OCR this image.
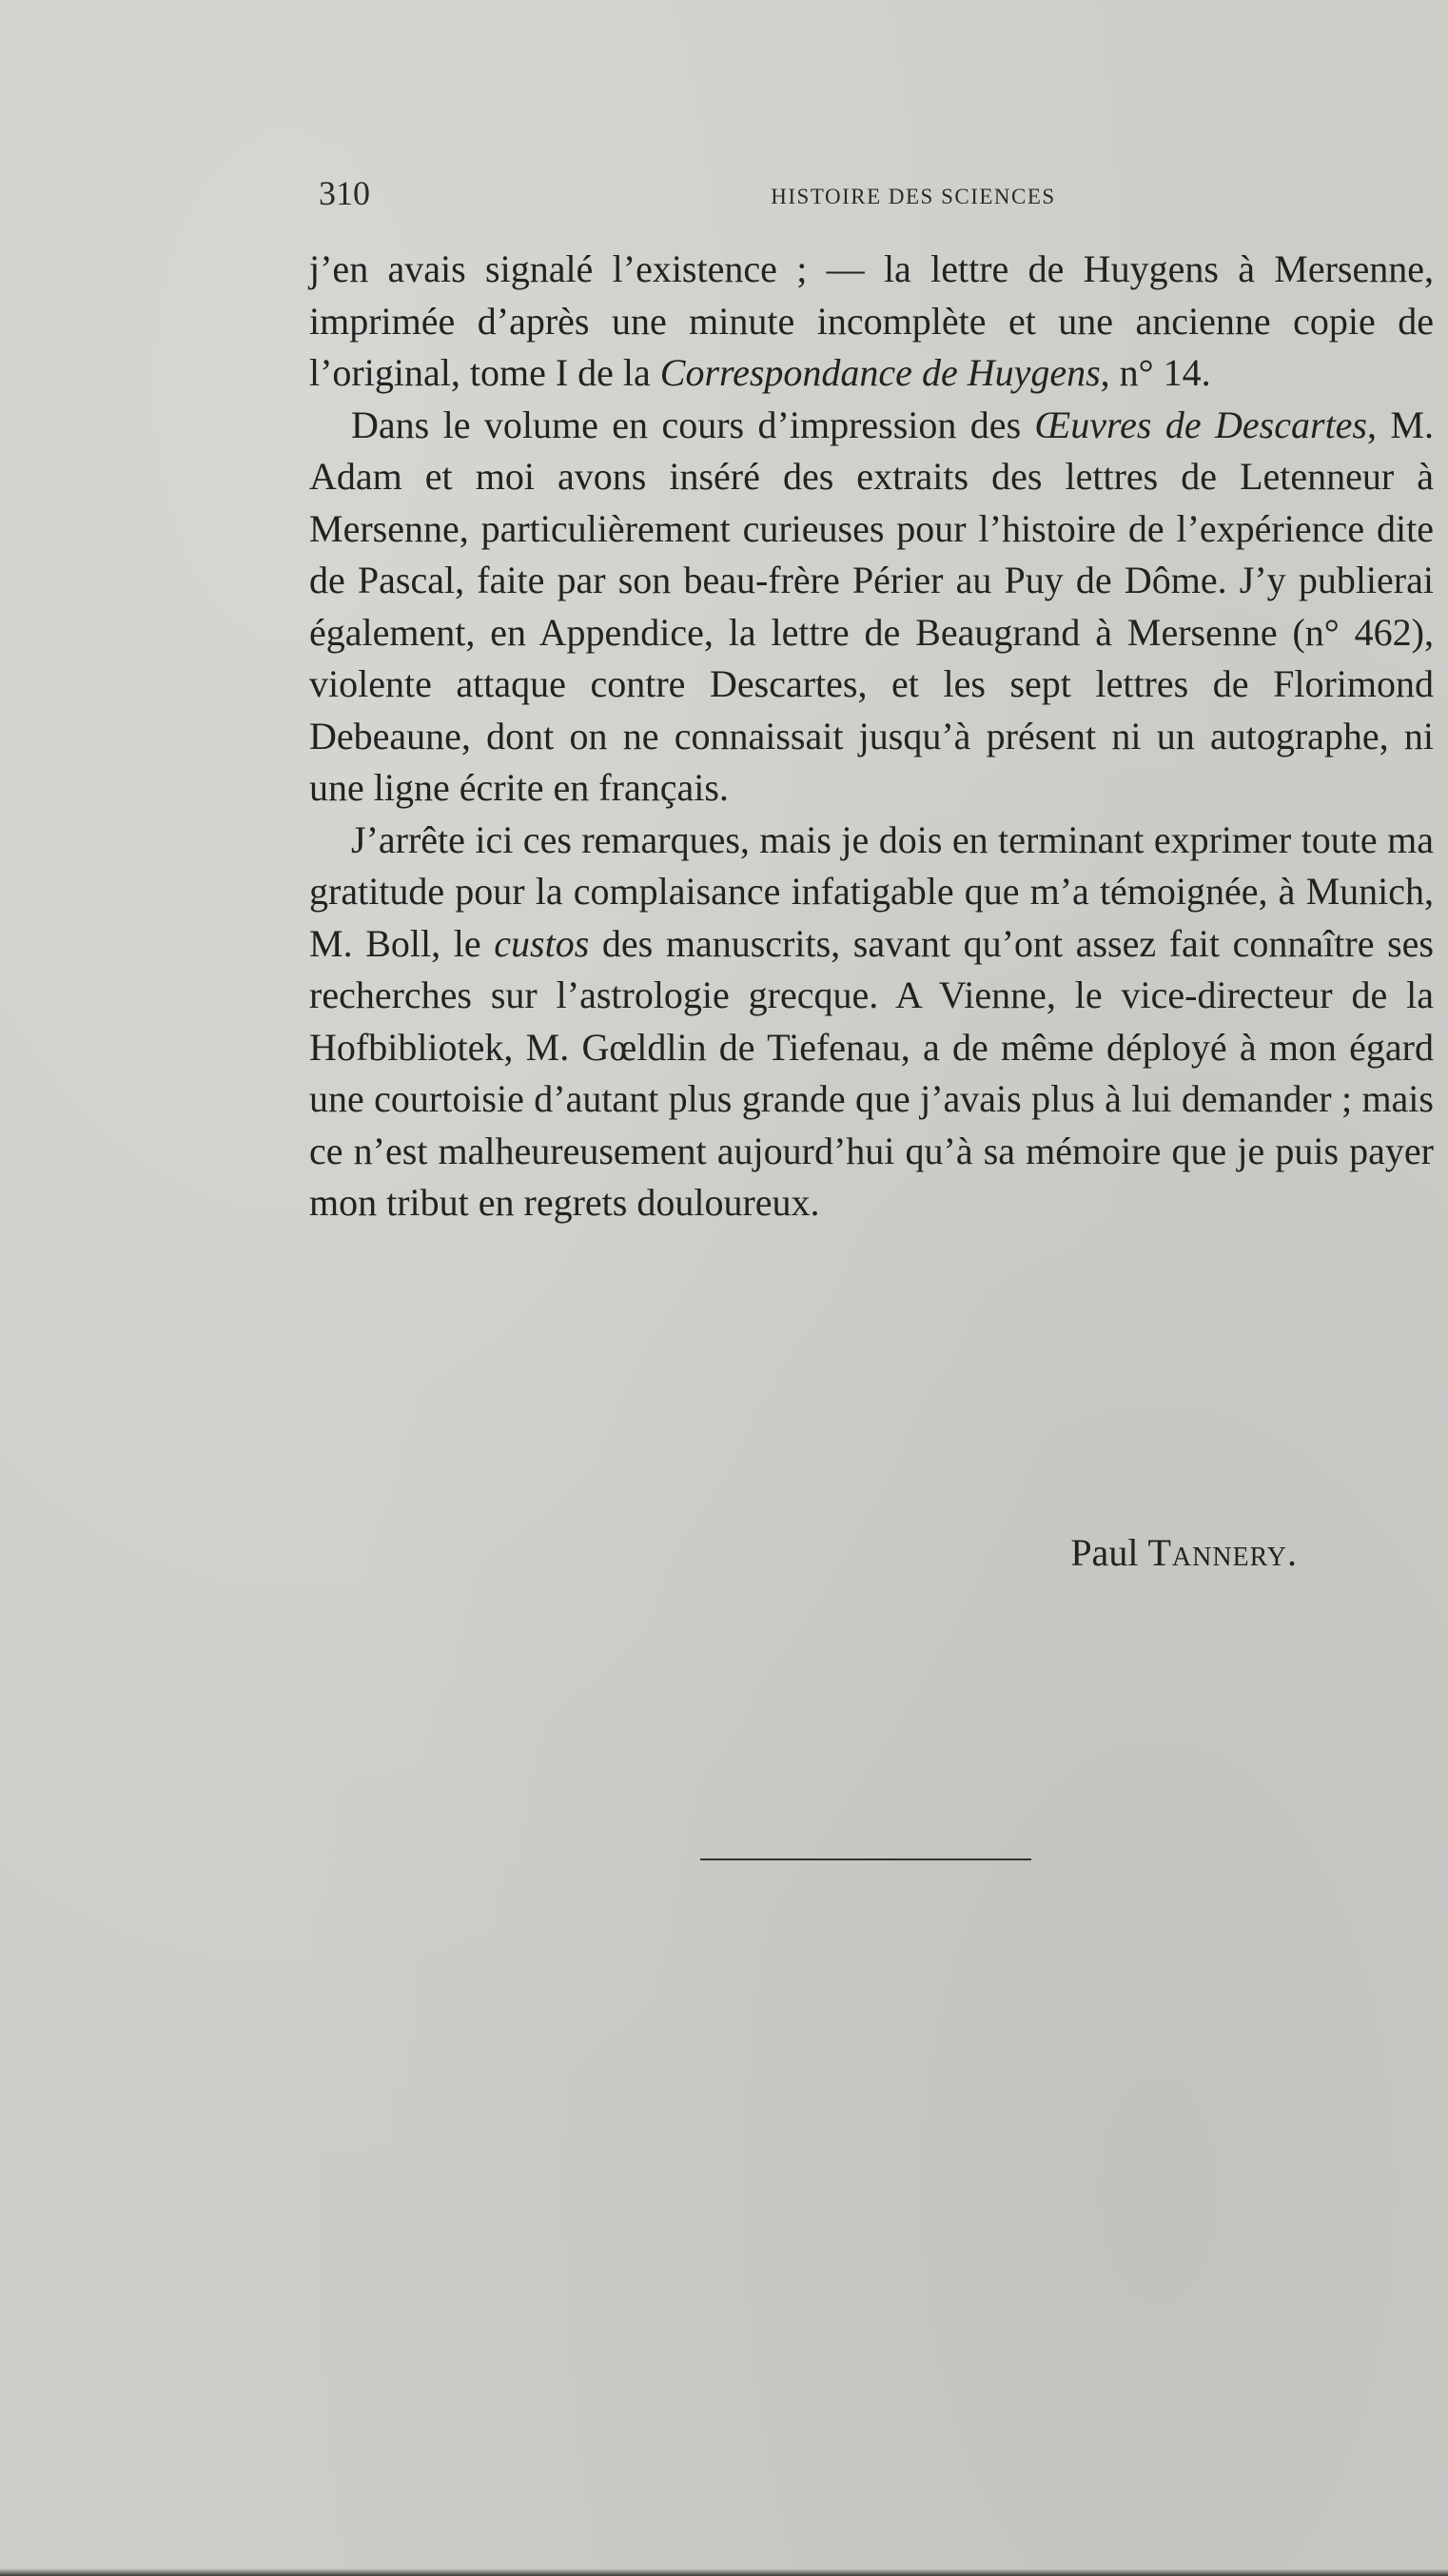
310	HISTOIRE DES SCIENCES

j’en avais signalé l’existence ; — la lettre de Huygens à Mersenne, imprimée d’après une minute incomplète et une ancienne copie de l’original, tome I de la Correspondance de Huygens, n° 14.

Dans le volume en cours d’impression des Œuvres de Descartes, M. Adam et moi avons inséré des extraits des lettres de Letenneur à Mersenne, particulièrement curieuses pour l’histoire de l’expérience dite de Pascal, faite par son beau-frère Périer au Puy de Dôme. J’y publierai également, en Appendice, la lettre de Beaugrand à Mersenne (n° 462), violente attaque contre Descartes, et les sept lettres de Florimond Debeaune, dont on ne connaissait jusqu’à présent ni un autographe, ni une ligne écrite en français.

J’arrête ici ces remarques, mais je dois en terminant exprimer toute ma gratitude pour la complaisance infatigable que m’a témoignée, à Munich, M. Boll, le custos des manuscrits, savant qu’ont assez fait connaître ses recherches sur l’astrologie grecque. A Vienne, le vice-directeur de la Hofbibliotek, M. Gœldlin de Tiefenau, a de même déployé à mon égard une courtoisie d’autant plus grande que j’avais plus à lui demander ; mais ce n’est malheureusement aujourd’hui qu’à sa mémoire que je puis payer mon tribut en regrets douloureux.

Paul Tannery.
